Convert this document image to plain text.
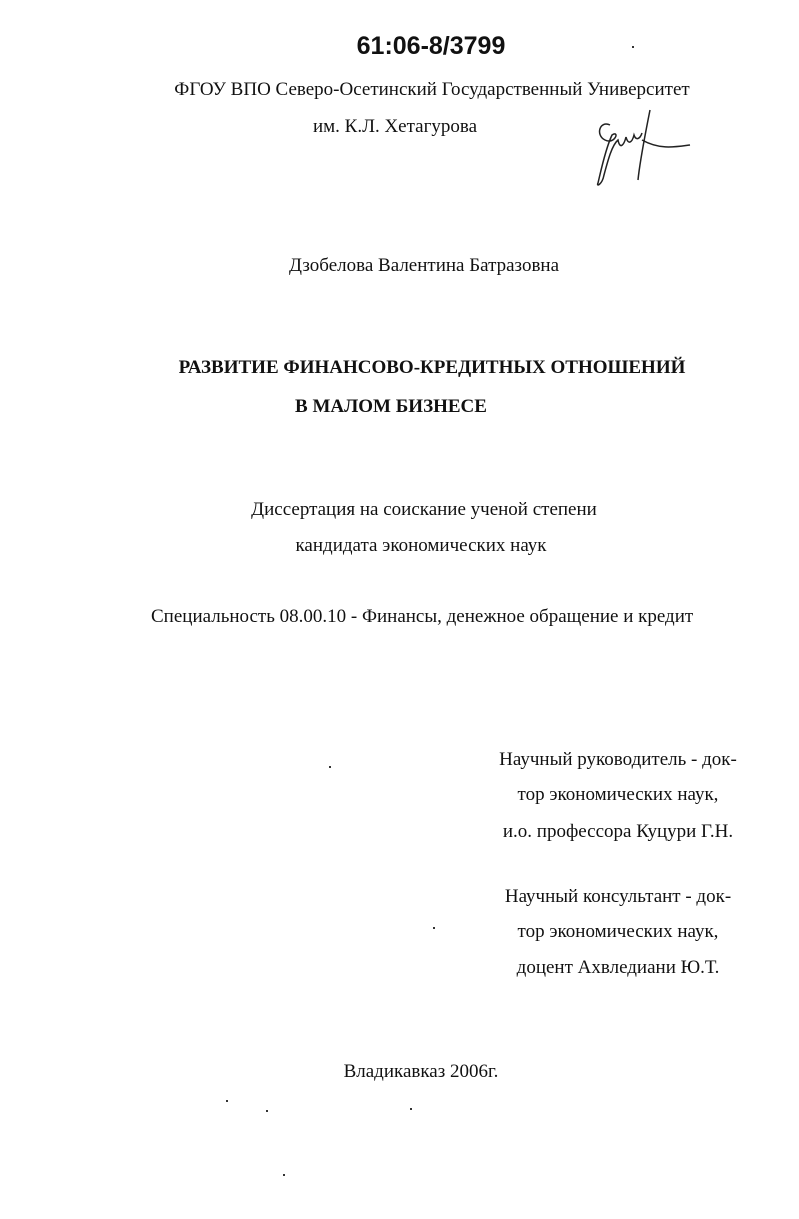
61:06-8/3799
ФГОУ ВПО Северо-Осетинский Государственный Университет
им. К.Л. Хетагурова
Дзобелова Валентина Батразовна
РАЗВИТИЕ ФИНАНСОВО-КРЕДИТНЫХ ОТНОШЕНИЙ
В МАЛОМ БИЗНЕСЕ
Диссертация на соискание ученой степени
кандидата экономических наук
Специальность 08.00.10 - Финансы, денежное обращение и кредит
Научный руководитель - док-
тор экономических наук,
и.о. профессора Куцури Г.Н.
Научный консультант - док-
тор экономических наук,
доцент Ахвледиани Ю.Т.
Владикавказ 2006г.
